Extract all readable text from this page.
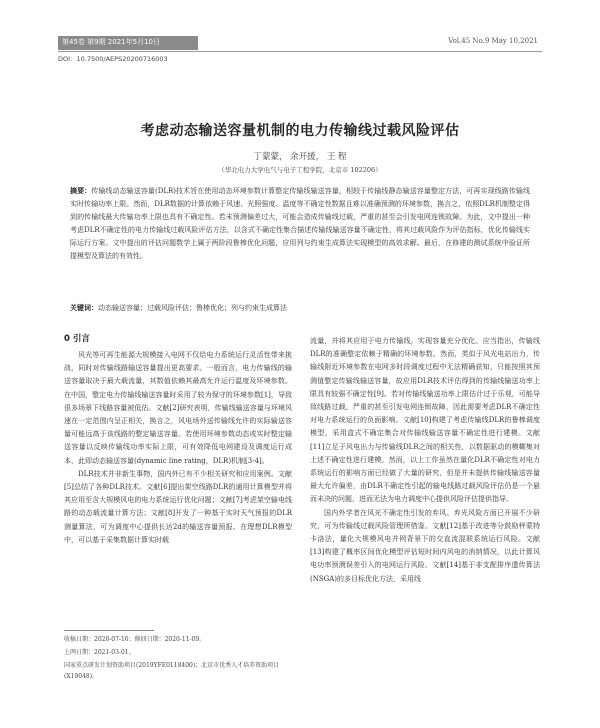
第45卷 第9期 2021年5月10日	Vol.45 No.9 May 10,2021
DOI：10.7500/AEPS20200716003
考虑动态输送容量机制的电力传输线过载风险评估
丁蒙蒙， 余开援， 王 程
（华北电力大学电气与电子工程学院，北京市 102206）
摘要：传输线动态输送容量(DLR)技术旨在使用动态环境参数计算整定传输线输送容量，相较于传输线静态输送容量整定方法，可再实现线路传输线实时传输功率上限。然而，DLR数据的计算依赖于风速、光照强度、温度等不确定性数据且难以准确预测的环境参数，换言之，依照DLR机制整定得到的传输线最大传输功率上限也具有不确定性。若未预测偏差过大，可能会造成传输线过载，严重的甚至会引发电网连锁故障。为此，文中提出一种考虑DLR不确定性的电力传输线过载风险评估方法，以含式不确定性集合描述传输线输送容量不确定性，将其过载风险作为评估指标，优化传输线实际运行方案。文中提出的评估问题数学上属于两阶段鲁棒优化问题，应用列与约束生成算法实现模型的高效求解。最后，在修建的测试系统中验证所提模型及算法的有效性。
关键词：动态输送容量；过载风险评估；鲁棒优化；列与约束生成算法
0 引言

风光等可再生能源大规模接入电网不仅给电力系统运行灵活性带来挑战，同时对传输线路输送容量提出更高要求。一般而言，电力传输线的输送容量取决于最大载流量，其数值依赖其最高允许运行温度及环境参数。在中国，整定电力传输线输送容量时采用了较为保守的环境参数[1]，导致很多场景下线路容量被低估。文献[2]研究表明，传输线输送容量与环境风速在一定范围内呈正相关，换言之，风电场外送传输线允许的实际输送容量可能远高于该线路的整定输送容量。若使用环境参数动态或实时整定输送容量以反映传输线功率实际上限，可有效降低电网建设及调度运行成本，此即动态输送容量(dynamic line rating，DLR)机制[3-4]。

DLR技术并非新生事物，国内外已有不少相关研究和应用案例。文献[5]总结了各种DLR技术。文献[6]提出架空线路DLR的通用计算模型并将其应用至含大规模风电的电力系统运行优化问题；文献[7]考虑架空输电线路的动态载流量计算方法；文献[8]开发了一种基于实时天气预报的DLR测量算法，可为调度中心提供长达2d的输送容量预报。在理想DLR模型中，可以基于采集数据计算实时载

流量，并将其应用于电力传输线，实现容量充分优化。应当指出，传输线DLR的准确整定依赖于精确的环境参数。然而，类似于风光电站出力，传输线附近环境参数在电网多时段调度过程中无法精确获知，只能按照其预测值整定传输线输送容量，故应用DLR技术评估得到的传输线输送功率上限具有较强不确定性[9]。若对传输线输送功率上限估计过于乐观，可能导致线路过载，严重的甚至引发电网连锁故障，因此需要考虑DLR不确定性对电力系统运行的负面影响。文献[10]构建了考虑传输线DLR的鲁棒调度模型，采用盒式不确定集合对传输线输送容量不确定性进行建模。文献[11]立足于风电出力与传输线DLR之间的相关性，以数据驱动的模糊集对上述不确定性进行建模。然而，以上工作虽然在量化DLR不确定性对电力系统运行的影响方面已经做了大量的研究，但是并未提供传输线输送容量最大允许偏差，由DLR不确定性引起的输电线路过载风险评估仍是一个悬而未决的问题，进而无法为电力调度中心提供风险评估提供指导。

国内外学者在风光不确定性引发的弃风、弃光风险方面已开展不少研究，可为传输线过载风险管理所借鉴。文献[12]基于改进等分鼓励秤蒙特卡洛法，量化大规模风电并网背景下的交直流混联系统运行风险。文献[13]构建了概率区间优化模型评估短时间内风电的消纳情况，以此计算风电功率预测误差引入的电网运行风险。文献[14]基于非支配排序遗传算法(NSGA)的多目标优化方法，采用线

收稿日期：2020-07-16；修回日期：2020-11-09。
上网日期：2021-03-01。
国家重点研发计划资助项目(2019YFE0118400)；北京市优秀人才培养资助项目(X19048)。
